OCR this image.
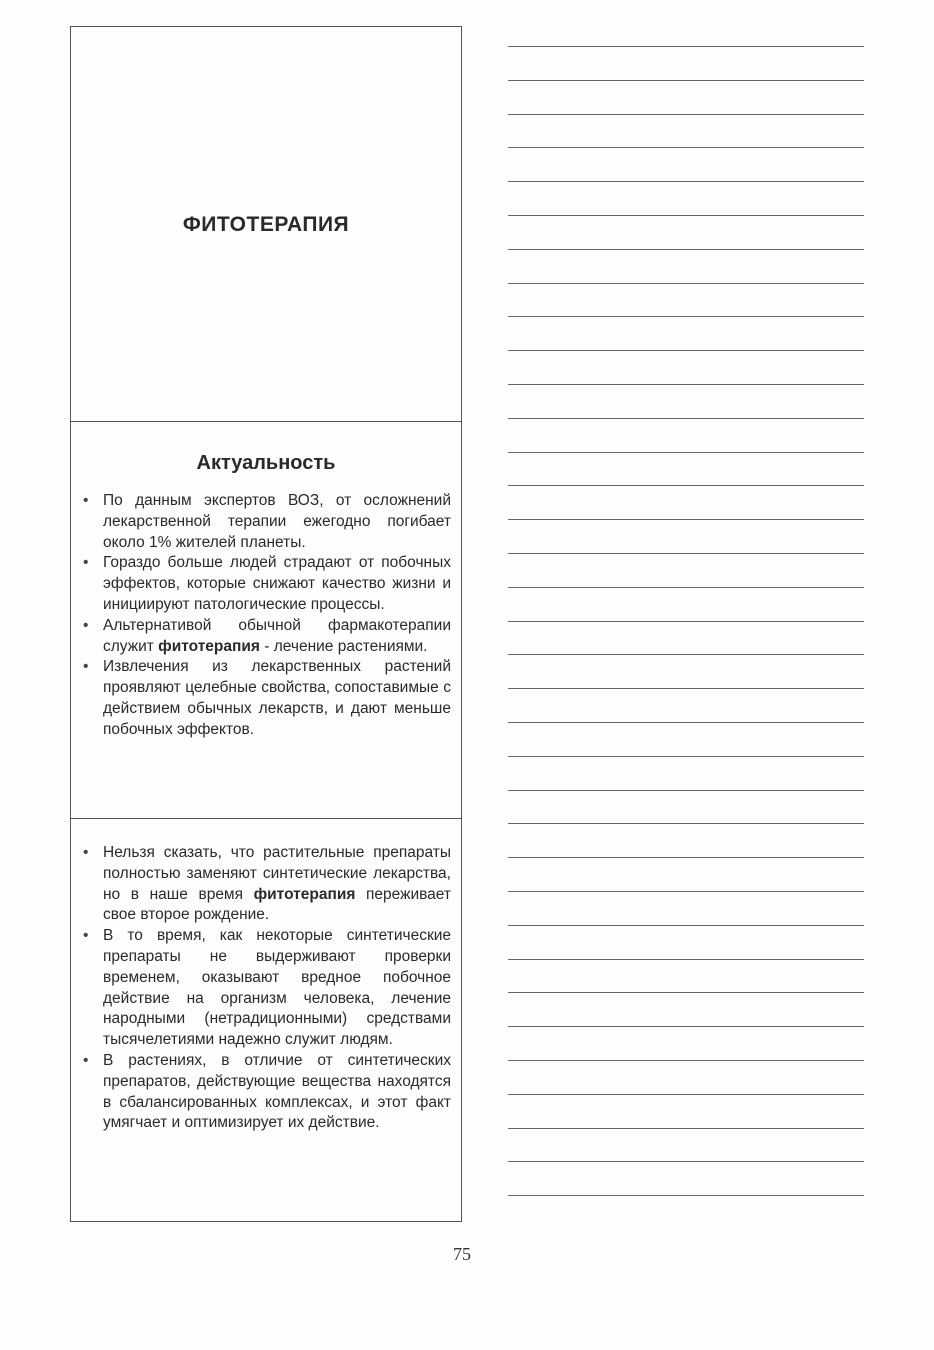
ФИТОТЕРАПИЯ
Актуальность
• По данным экспертов ВОЗ, от осложнений лекарственной терапии ежегодно погибает около 1% жителей планеты.
• Гораздо больше людей страдают от побочных эффектов, которые снижают качество жизни и инициируют патологические процессы.
• Альтернативой обычной фармакотерапии служит фитотерапия - лечение растениями.
• Извлечения из лекарственных растений проявляют целебные свойства, сопоставимые с действием обычных лекарств, и дают меньше побочных эффектов.
• Нельзя сказать, что растительные препараты полностью заменяют синтетические лекарства, но в наше время фитотерапия переживает свое второе рождение.
• В то время, как некоторые синтетические препараты не выдерживают проверки временем, оказывают вредное побочное действие на организм человека, лечение народными (нетрадиционными) средствами тысячелетиями надежно служит людям.
• В растениях, в отличие от синтетических препаратов, действующие вещества находятся в сбалансированных комплексах, и этот факт умягчает и оптимизирует их действие.
75
